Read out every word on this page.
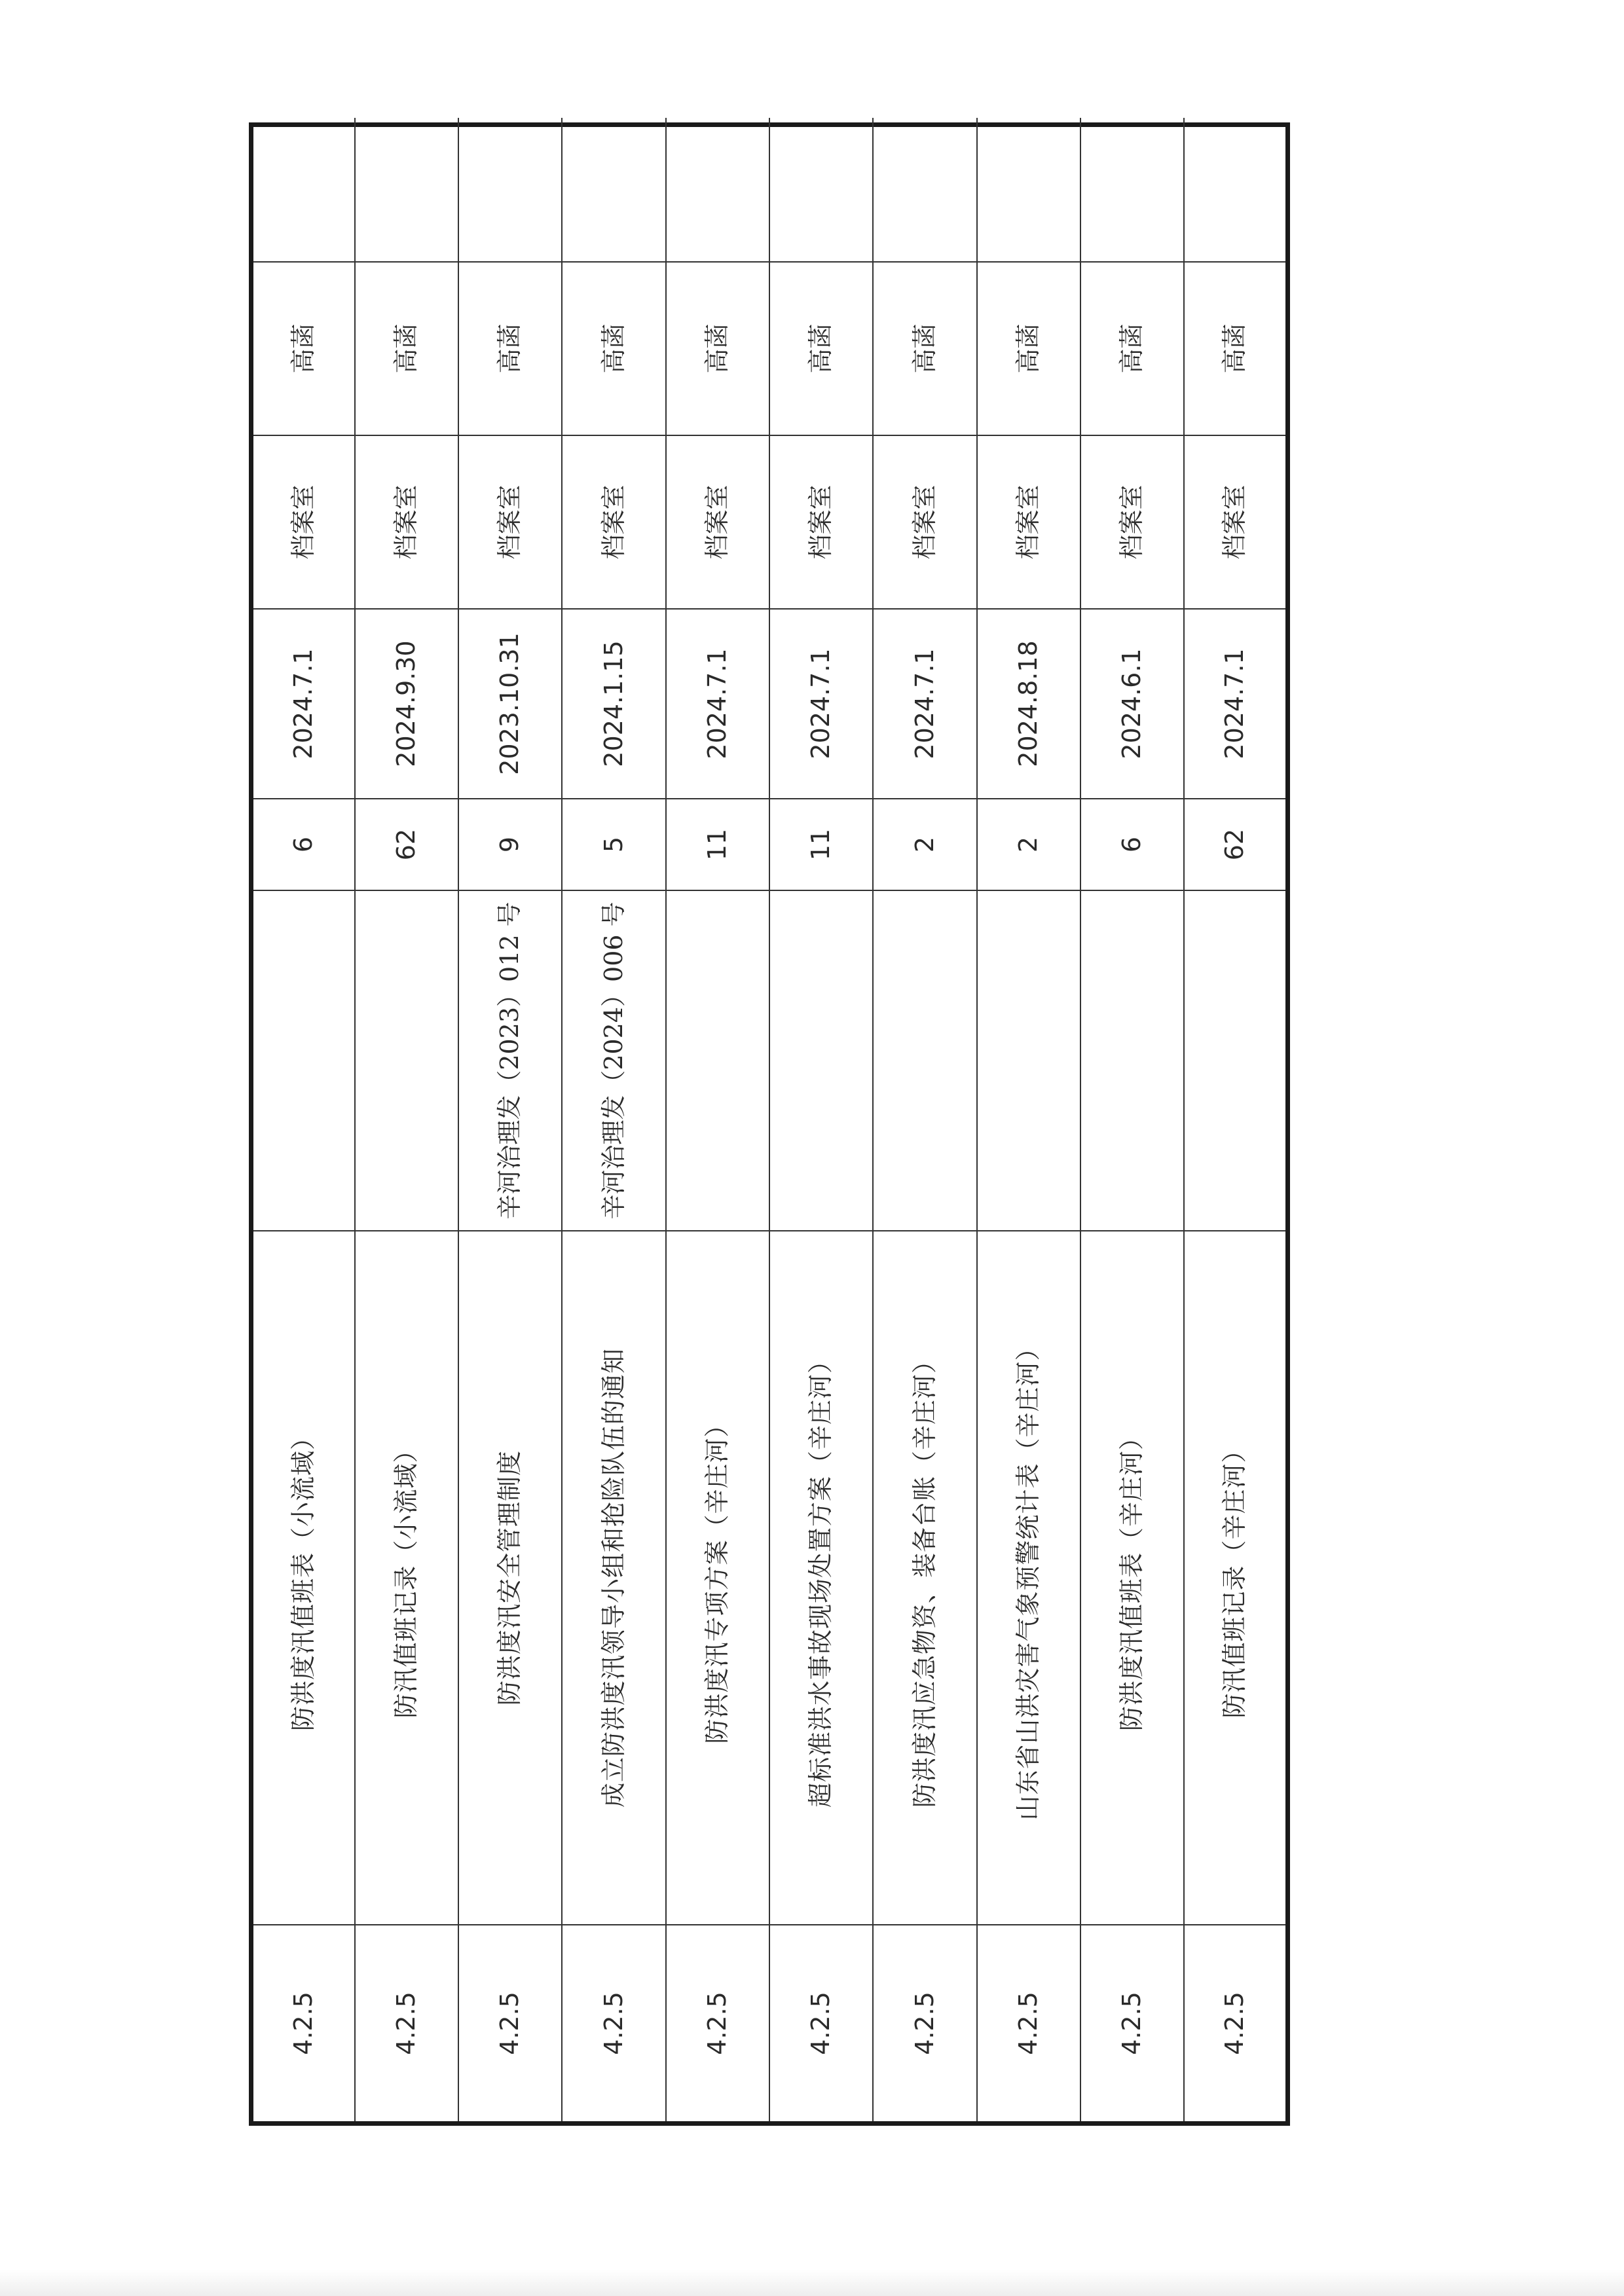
4.2.5	防洪度汛值班表（小流域）		6	2024.7.1	档案室	高菡	
4.2.5	防汛值班记录（小流域）		62	2024.9.30	档案室	高菡	
4.2.5	防洪度汛安全管理制度	辛河治理发（2023）012 号	9	2023.10.31	档案室	高菡	
4.2.5	成立防洪度汛领导小组和抢险队伍的通知	辛河治理发（2024）006 号	5	2024.1.15	档案室	高菡	
4.2.5	防洪度汛专项方案（辛庄河）		11	2024.7.1	档案室	高菡	
4.2.5	超标准洪水事故现场处置方案（辛庄河）		11	2024.7.1	档案室	高菡	
4.2.5	防洪度汛应急物资、装备台账（辛庄河）		2	2024.7.1	档案室	高菡	
4.2.5	山东省山洪灾害气象预警统计表（辛庄河）		2	2024.8.18	档案室	高菡	
4.2.5	防洪度汛值班表（辛庄河）		6	2024.6.1	档案室	高菡	
4.2.5	防汛值班记录（辛庄河）		62	2024.7.1	档案室	高菡	
